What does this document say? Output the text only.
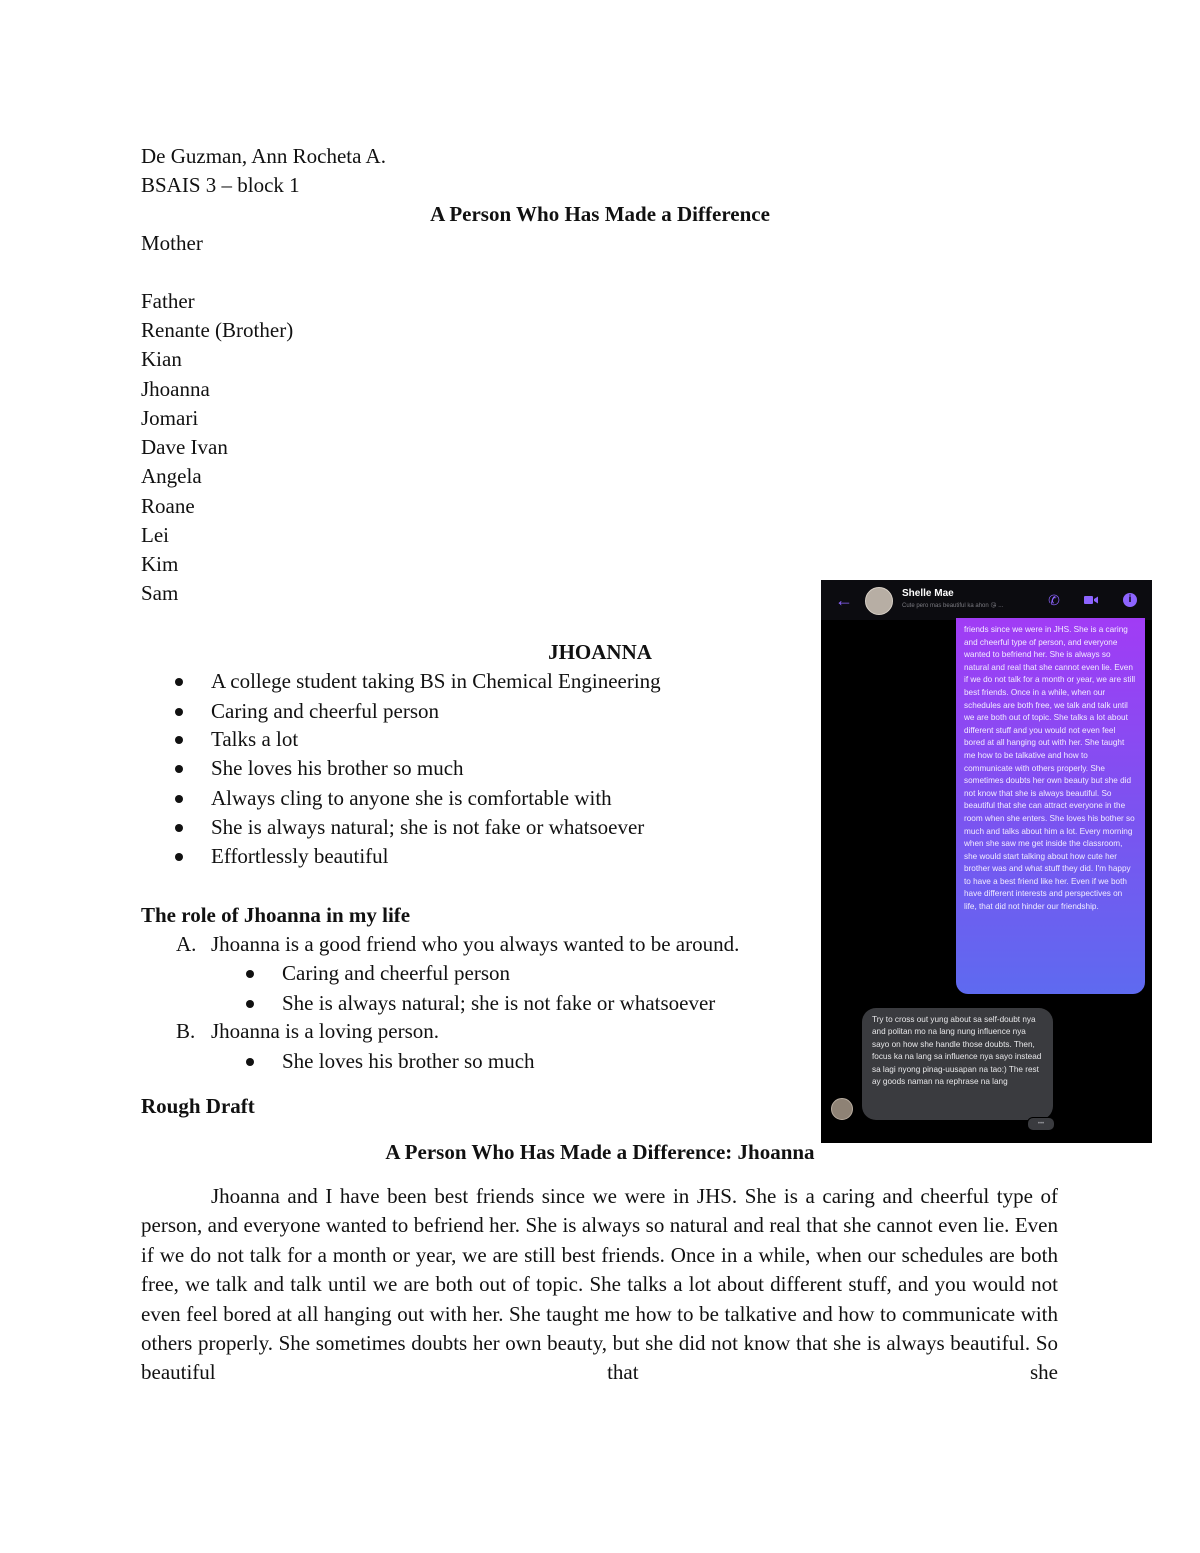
De Guzman, Ann Rocheta A.
BSAIS 3 – block 1
A Person Who Has Made a Difference
Mother
Father
Renante (Brother)
Kian
Jhoanna
Jomari
Dave Ivan
Angela
Roane
Lei
Kim
Sam
JHOANNA
A college student taking BS in Chemical Engineering
Caring and cheerful person
Talks a lot
She loves his brother so much
Always cling to anyone she is comfortable with
She is always natural; she is not fake or whatsoever
Effortlessly beautiful
The role of Jhoanna in my life
A. Jhoanna is a good friend who you always wanted to be around.
Caring and cheerful person
She is always natural; she is not fake or whatsoever
B. Jhoanna is a loving person.
She loves his brother so much
Rough Draft
A Person Who Has Made a Difference: Jhoanna

Jhoanna and I have been best friends since we were in JHS. She is a caring and cheerful type of person, and everyone wanted to befriend her. She is always so natural and real that she cannot even lie. Even if we do not talk for a month or year, we are still best friends. Once in a while, when our schedules are both free, we talk and talk until we are both out of topic. She talks a lot about different stuff, and you would not even feel bored at all hanging out with her. She taught me how to be talkative and how to communicate with others properly. She sometimes doubts her own beauty, but she did not know that she is always beautiful. So beautiful that she

←	Shelle Mae
Cute pero mas beautiful ka ahon 😘 ...	✆	i
friends since we were in JHS. She is a caring and cheerful type of person, and everyone wanted to befriend her. She is always so natural and real that she cannot even lie. Even if we do not talk for a month or year, we are still best friends. Once in a while, when our schedules are both free, we talk and talk until we are both out of topic. She talks a lot about different stuff and you would not even feel bored at all hanging out with her. She taught me how to be talkative and how to communicate with others properly. She sometimes doubts her own beauty but she did not know that she is always beautiful. So beautiful that she can attract everyone in the room when she enters. She loves his bother so much and talks about him a lot. Every morning when she saw me get inside the classroom, she would start talking about how cute her brother was and what stuff they did. I'm happy to have a best friend like her. Even if we both have different interests and perspectives on life, that did not hinder our friendship.
Try to cross out yung about sa self-doubt nya and politan mo na lang nung influence nya sayo on how she handle those doubts. Then, focus ka na lang sa influence nya sayo instead sa lagi nyong pinag-uusapan na tao:) The rest ay goods naman na rephrase na lang
•••
